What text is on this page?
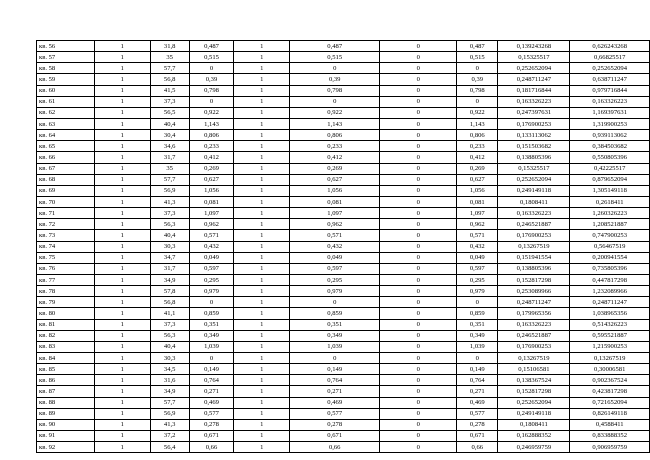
кв. 56	1	31,8	0,487	1	0,487	0	0,487	0,139243268	0,626243268
кв. 57	1	35	0,515	1	0,515	0	0,515	0,15325517	0,66825517
кв. 58	1	57,7	0	1	0	0	0	0,252652094	0,252652094
кв. 59	1	56,8	0,39	1	0,39	0	0,39	0,248711247	0,638711247
кв. 60	1	41,5	0,798	1	0,798	0	0,798	0,181716844	0,979716844
кв. 61	1	37,3	0	1	0	0	0	0,163326223	0,163326223
кв. 62	1	56,5	0,922	1	0,922	0	0,922	0,247397631	1,169397631
кв. 63	1	40,4	1,143	1	1,143	0	1,143	0,176900253	1,319900253
кв. 64	1	30,4	0,806	1	0,806	0	0,806	0,133113062	0,939113062
кв. 65	1	34,6	0,233	1	0,233	0	0,233	0,151503682	0,384503682
кв. 66	1	31,7	0,412	1	0,412	0	0,412	0,138805396	0,550805396
кв. 67	1	35	0,269	1	0,269	0	0,269	0,15325517	0,42225517
кв. 68	1	57,7	0,627	1	0,627	0	0,627	0,252652094	0,879652094
кв. 69	1	56,9	1,056	1	1,056	0	1,056	0,249149118	1,305149118
кв. 70	1	41,3	0,081	1	0,081	0	0,081	0,1808411	0,2618411
кв. 71	1	37,3	1,097	1	1,097	0	1,097	0,163326223	1,260326223
кв. 72	1	56,3	0,962	1	0,962	0	0,962	0,246521887	1,208521887
кв. 73	1	40,4	0,571	1	0,571	0	0,571	0,176900253	0,747900253
кв. 74	1	30,3	0,432	1	0,432	0	0,432	0,13267519	0,56467519
кв. 75	1	34,7	0,049	1	0,049	0	0,049	0,151941554	0,200941554
кв. 76	1	31,7	0,597	1	0,597	0	0,597	0,138805396	0,735805396
кв. 77	1	34,9	0,295	1	0,295	0	0,295	0,152817298	0,447817298
кв. 78	1	57,8	0,979	1	0,979	0	0,979	0,253089966	1,232089966
кв. 79	1	56,8	0	1	0	0	0	0,248711247	0,248711247
кв. 80	1	41,1	0,859	1	0,859	0	0,859	0,179965356	1,038965356
кв. 81	1	37,3	0,351	1	0,351	0	0,351	0,163326223	0,514326223
кв. 82	1	56,3	0,349	1	0,349	0	0,349	0,246521887	0,595521887
кв. 83	1	40,4	1,039	1	1,039	0	1,039	0,176900253	1,215900253
кв. 84	1	30,3	0	1	0	0	0	0,13267519	0,13267519
кв. 85	1	34,5	0,149	1	0,149	0	0,149	0,15106581	0,30006581
кв. 86	1	31,6	0,764	1	0,764	0	0,764	0,138367524	0,902367524
кв. 87	1	34,9	0,271	1	0,271	0	0,271	0,152817298	0,423817298
кв. 88	1	57,7	0,469	1	0,469	0	0,469	0,252652094	0,721652094
кв. 89	1	56,9	0,577	1	0,577	0	0,577	0,249149118	0,826149118
кв. 90	1	41,3	0,278	1	0,278	0	0,278	0,1808411	0,4588411
кв. 91	1	37,2	0,671	1	0,671	0	0,671	0,162888352	0,833888352
кв. 92	1	56,4	0,66	1	0,66	0	0,66	0,246959759	0,906959759
